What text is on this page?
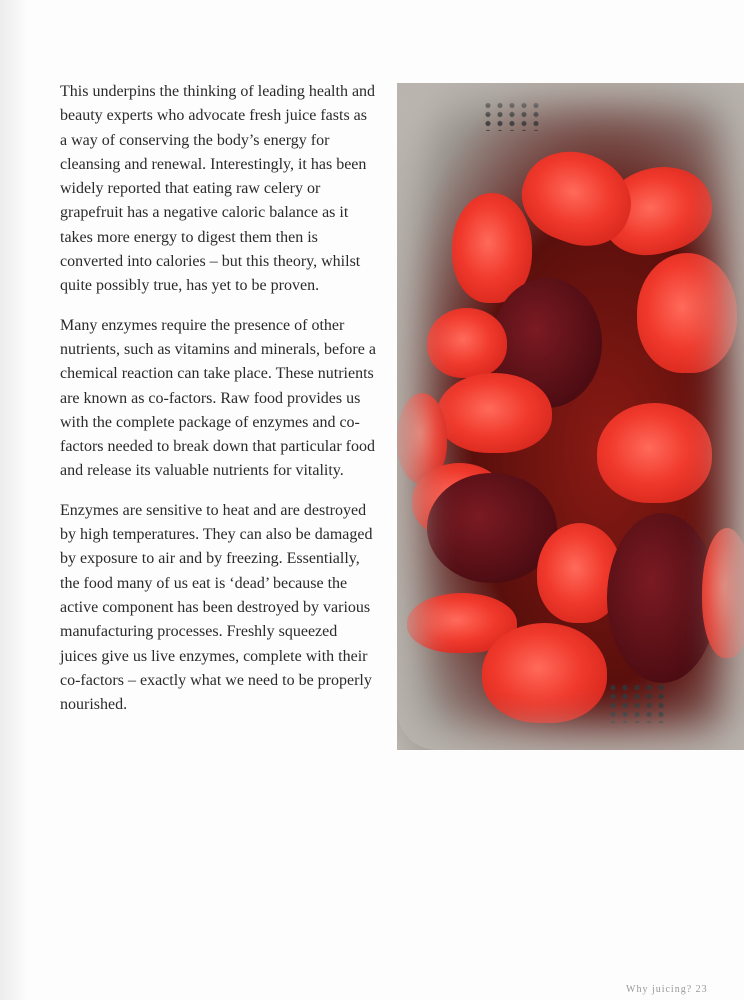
This underpins the thinking of leading health and beauty experts who advocate fresh juice fasts as a way of conserving the body’s energy for cleansing and renewal. Interestingly, it has been widely reported that eating raw celery or grapefruit has a negative caloric balance as it takes more energy to digest them then is converted into calories – but this theory, whilst quite possibly true, has yet to be proven.

Many enzymes require the presence of other nutrients, such as vitamins and minerals, before a chemical reaction can take place. These nutrients are known as co-factors. Raw food provides us with the complete package of enzymes and co-factors needed to break down that particular food and release its valuable nutrients for vitality.

Enzymes are sensitive to heat and are destroyed by high temperatures. They can also be damaged by exposure to air and by freezing. Essentially, the food many of us eat is ‘dead’ because the active component has been destroyed by various manufacturing processes. Freshly squeezed juices give us live enzymes, complete with their co-factors – exactly what we need to be properly nourished.

Why juicing? 23
